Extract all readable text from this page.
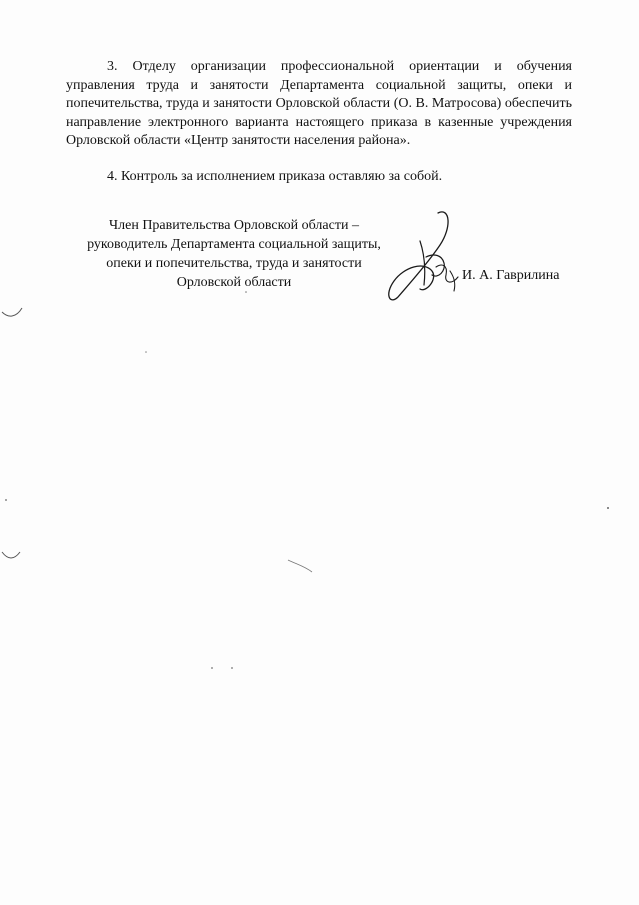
3. Отделу организации профессиональной ориентации и обучения управления труда и занятости Департамента социальной защиты, опеки и попечительства, труда и занятости Орловской области (О. В. Матросова) обеспечить направление электронного варианта настоящего приказа в казенные учреждения Орловской области «Центр занятости населения района».

4. Контроль за исполнением приказа оставляю за собой.

Член Правительства Орловской области –
руководитель Департамента социальной защиты,
опеки и попечительства, труда и занятости
Орловской области	И. А. Гаврилина
